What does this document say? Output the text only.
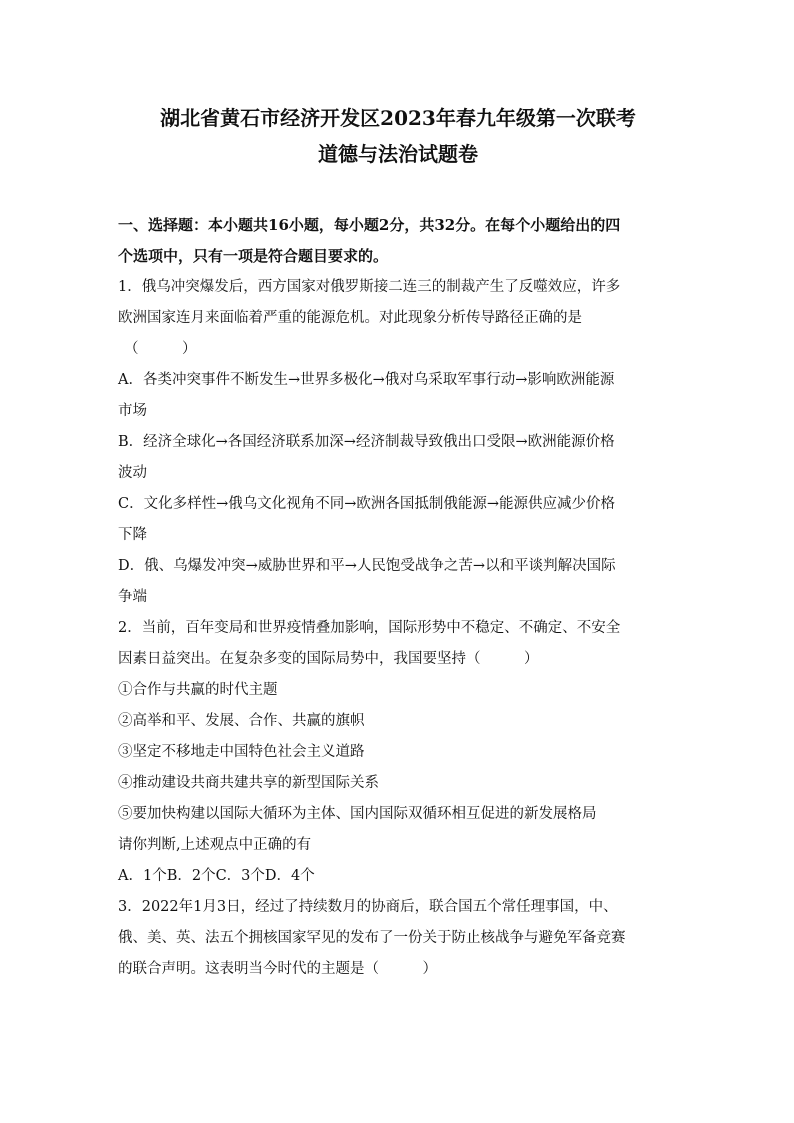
湖北省黄石市经济开发区2023年春九年级第一次联考
道德与法治试题卷
一、选择题：本小题共16小题，每小题2分，共32分。在每个小题给出的四
个选项中，只有一项是符合题目要求的。

1．俄乌冲突爆发后，西方国家对俄罗斯接二连三的制裁产生了反噬效应，许多

欧洲国家连月来面临着严重的能源危机。对此现象分析传导路径正确的是

（　　　）

A．各类冲突事件不断发生→世界多极化→俄对乌采取军事行动→影响欧洲能源

市场

B．经济全球化→各国经济联系加深→经济制裁导致俄出口受限→欧洲能源价格

波动

C．文化多样性→俄乌文化视角不同→欧洲各国抵制俄能源→能源供应减少价格

下降

D．俄、乌爆发冲突→威胁世界和平→人民饱受战争之苦→以和平谈判解决国际

争端

2．当前，百年变局和世界疫情叠加影响，国际形势中不稳定、不确定、不安全

因素日益突出。在复杂多变的国际局势中，我国要坚持（　　　）

①合作与共赢的时代主题

②高举和平、发展、合作、共赢的旗帜

③坚定不移地走中国特色社会主义道路

④推动建设共商共建共享的新型国际关系

⑤要加快构建以国际大循环为主体、国内国际双循环相互促进的新发展格局

请你判断,上述观点中正确的有

A．1个B．2个C．3个D．4个

3．2022年1月3日，经过了持续数月的协商后，联合国五个常任理事国，中、

俄、美、英、法五个拥核国家罕见的发布了一份关于防止核战争与避免军备竞赛

的联合声明。这表明当今时代的主题是（　　　）
